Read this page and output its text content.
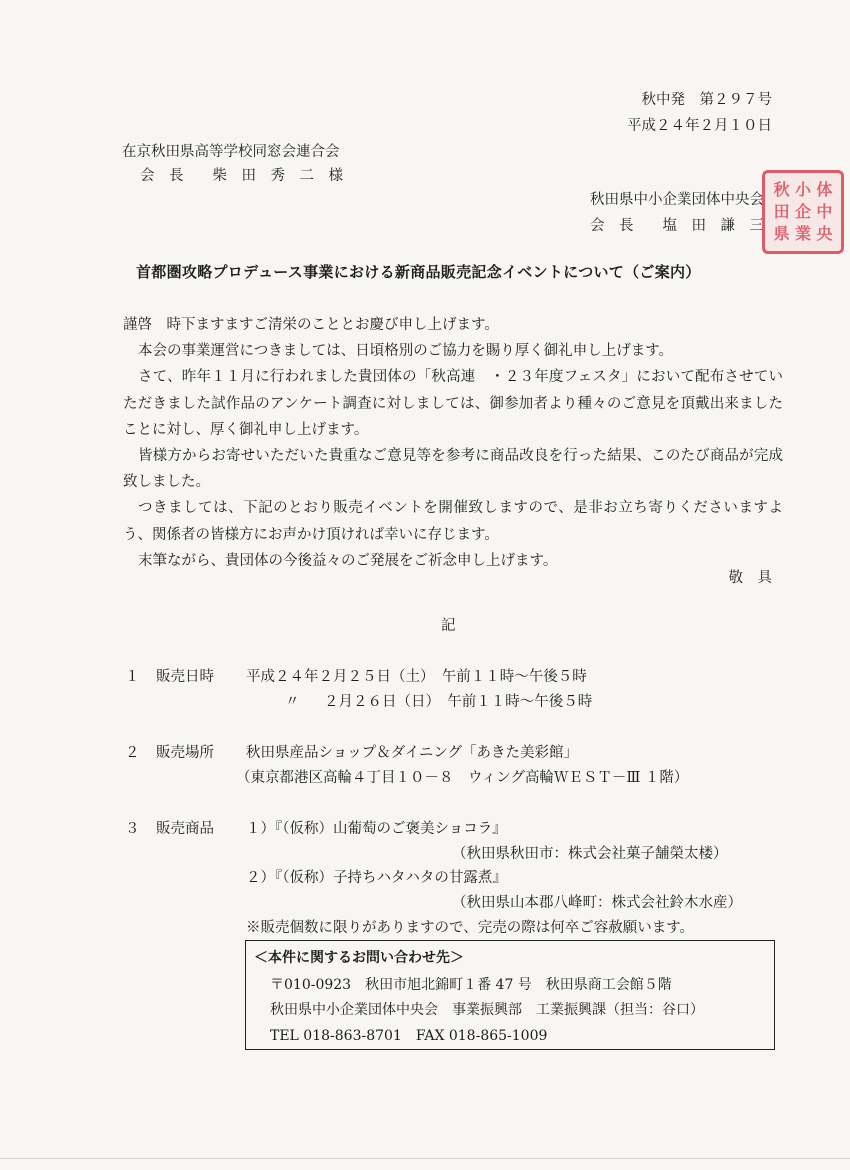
秋中発　第２９７号
平成２４年２月１０日
在京秋田県高等学校同窓会連合会
会　長　　柴　田　秀　二　様
秋田県中小企業団体中央会
会　長　　塩　田　謙　三
秋 小 体
田 企 中
県 業 央
首都圏攻略プロデュース事業における新商品販売記念イベントについて（ご案内）

謹啓　時下ますますご清栄のこととお慶び申し上げます。

本会の事業運営につきましては、日頃格別のご協力を賜り厚く御礼申し上げます。

さて、昨年１１月に行われました貴団体の「秋高連　・２３年度フェスタ」において配布させていただきました試作品のアンケート調査に対しましては、御参加者より種々のご意見を頂戴出来ましたことに対し、厚く御礼申し上げます。

皆様方からお寄せいただいた貴重なご意見等を参考に商品改良を行った結果、このたび商品が完成致しました。

つきましては、下記のとおり販売イベントを開催致しますので、是非お立ち寄りくださいますよう、関係者の皆様方にお声かけ頂ければ幸いに存じます。

末筆ながら、貴団体の今後益々のご発展をご祈念申し上げます。

敬　具
記
１ 販売日時 平成２４年２月２５日（土）　午前１１時～午後５時
〃 ２月２６日（日）　午前１１時～午後５時
２ 販売場所 秋田県産品ショップ＆ダイニング「あきた美彩館」
（東京都港区高輪４丁目１０－８　ウィング高輪ＷＥＳＴ－Ⅲ １階）
３ 販売商品 １）『（仮称）山葡萄のご褒美ショコラ』
（秋田県秋田市：株式会社菓子舗榮太楼）
２）『（仮称）子持ちハタハタの甘露煮』
（秋田県山本郡八峰町：株式会社鈴木水産）
※販売個数に限りがありますので、完売の際は何卒ご容赦願います。
＜本件に関するお問い合わせ先＞
〒010-0923　秋田市旭北錦町１番 47 号　秋田県商工会館５階
秋田県中小企業団体中央会　事業振興部　工業振興課（担当：谷口）
TEL 018-863-8701　FAX 018-865-1009
